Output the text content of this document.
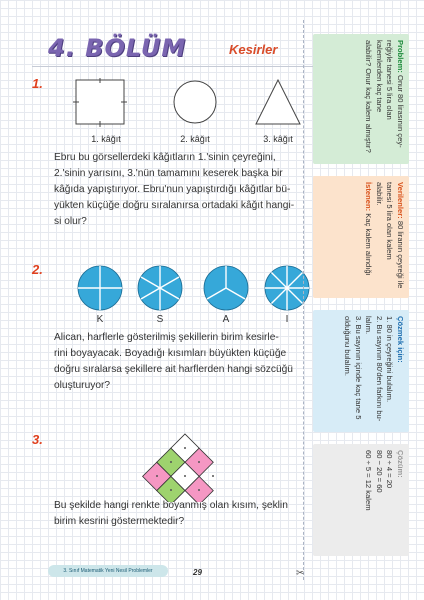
4. BÖLÜM	Kesirler
1.
1. kâğıt	2. kâğıt	3. kâğıt
Ebru bu görsellerdeki kâğıtların 1.'sinin çeyreğini,
2.'sinin yarısını, 3.'nün tamamını keserek başka bir
kâğıda yapıştırıyor. Ebru'nun yapıştırdığı kâğıtlar bü-
yükten küçüğe doğru sıralanırsa ortadaki kâğıt hangi-
si olur?
2.
K	S	A	I
Alican, harflerle gösterilmiş şekillerin birim kesirle-
rini boyayacak. Boyadığı kısımları büyükten küçüğe
doğru sıralarsa şekillere ait harflerden hangi sözcüğü
oluşturuyor?
3.
Bu şekilde hangi renkte boyanmış olan kısım, şeklin
birim kesrini göstermektedir?
3. Sınıf Matematik Yeni Nesil Problemler	29	✂
Problem: Onur 80 lirasının çey-
reğiyle tanesi 5 lira olan
kalemlerden kaç tane
alabilir? Onur kaç kalem almıştır?
Verilenler: 80 liranın çeyreği ile
tanesi 5 lira olan kalem
alabilir.
İstenen: Kaç kalem alındığı
Çözmek için:
1. 80 in çeyreğini bulalım.
2. Bu sayının 80'den farkını bu-
lalım.
3. Bu sayının içinde kaç tane 5
olduğunu bulalım.
Çözüm:
80 ÷ 4 = 20
80 − 20 = 60
60 ÷ 5 = 12 kalem
